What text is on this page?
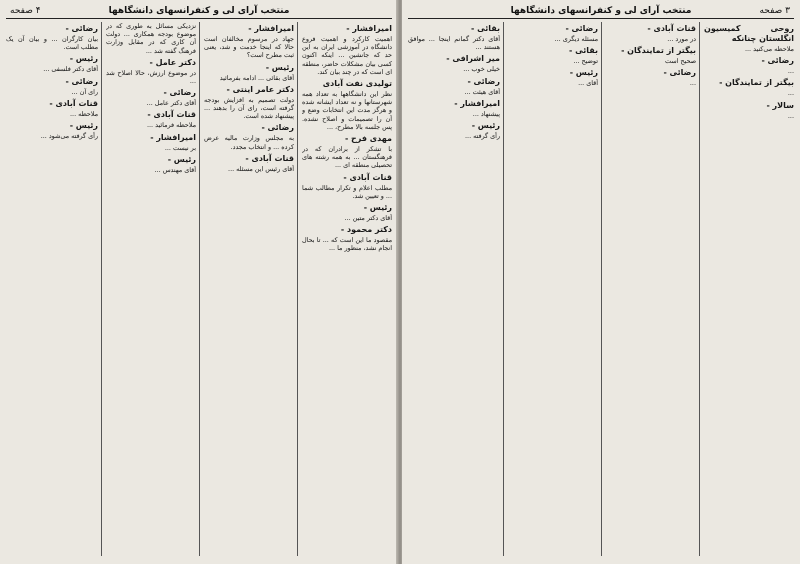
۴ صفحه	منتخب آرای لی و کنفرانسهای دانشگاهها
امیرافشار -

اهمیت کارکرد و اهمیت فروع دانشگاه در آموزشی ایران به این حد که جانشین ... اینکه اکنون کسی بیان مشکلات حاضر، منطقه ای است که در چند بیان کند.

تولیدی نفت آبادی

نظر این دانشگاهها به تعداد همه شهرستانها و نه تعداد ایشانه شده و هرگز مدت این انتخابات وضع و آن را تصمیمات و اصلاح نشده. پس جلسه بالا مطرح، ...

مهدی فرح -

با تشکر از برادران که در فرهنگستان ... به همه رشته های تحصیلی منطقه ای ...

قنات آبادی -

مطلب اعلام و تکرار مطالب شما ... و تعیین شد.

رئیس -

آقای دکتر متین ...

دکتر محمود -

مقصود ما این است که ... تا بحال انجام نشد، منظور ما ...

امیرافشار -

جهاد در مرسوم مخالفان است حالا که اینجا خدمت و شد، یعنی ثبت مطرح است؟

رئیس -

آقای بقائی ... ادامه بفرمائید

دکتر عامر اینتی -

دولت تصمیم به افزایش بودجه گرفته است، رای آن را بدهند ... پیشنهاد شده است.

رضائی -

به مجلس وزارت مالیه عرض کرده ... و انتخاب مجدد.

قنات آبادی -

آقای رئیس این مسئله ...

نزدیکی مسائل به طوری که در موضوع بودجه همکاری ... دولت آن کاری که در مقابل وزارت فرهنگ گفته شد ...

دکتر عامل -

در موضوع ارزش، حالا اصلاح شد ...

رضائی -

آقای دکتر عامل ...

قنات آبادی -

ملاحظه فرمائید ...

امیرافشار -

بر نیست ...

رئیس -

آقای مهندس ...

رضائی -

بیان کارگران ... و بیان آن یک مطلب است.

رئیس -

آقای دکتر فلسفی ...

رضائی -

رای آن ...

قنات آبادی -

ملاحظه ...

رئیس -

رأی گرفته می‌شود ...

۳ صفحه
منتخب آرای لی و کنفرانسهای دانشگاهها
روحی کمیسیون انگلستان چنانکه

ملاحظه می‌کنید ...

رضائی -

...

بیگتر از تمایندگان -

...

سالار -

...

قنات آبادی -

در مورد ...

بیگتر از تمایندگان -

صحیح است

رضائی -

...

رضائی -

مسئله دیگری ...

بقائی -

توضیح ...

رئیس -

آقای ...

بقائی -

آقای دکتر گمانم اینجا ... موافق هستند ...

میر اشرافی -

خیلی خوب ...

رضائی -

آقای هیئت ...

امیرافشار -

پیشنهاد ...

رئیس -

رأی گرفته ...
